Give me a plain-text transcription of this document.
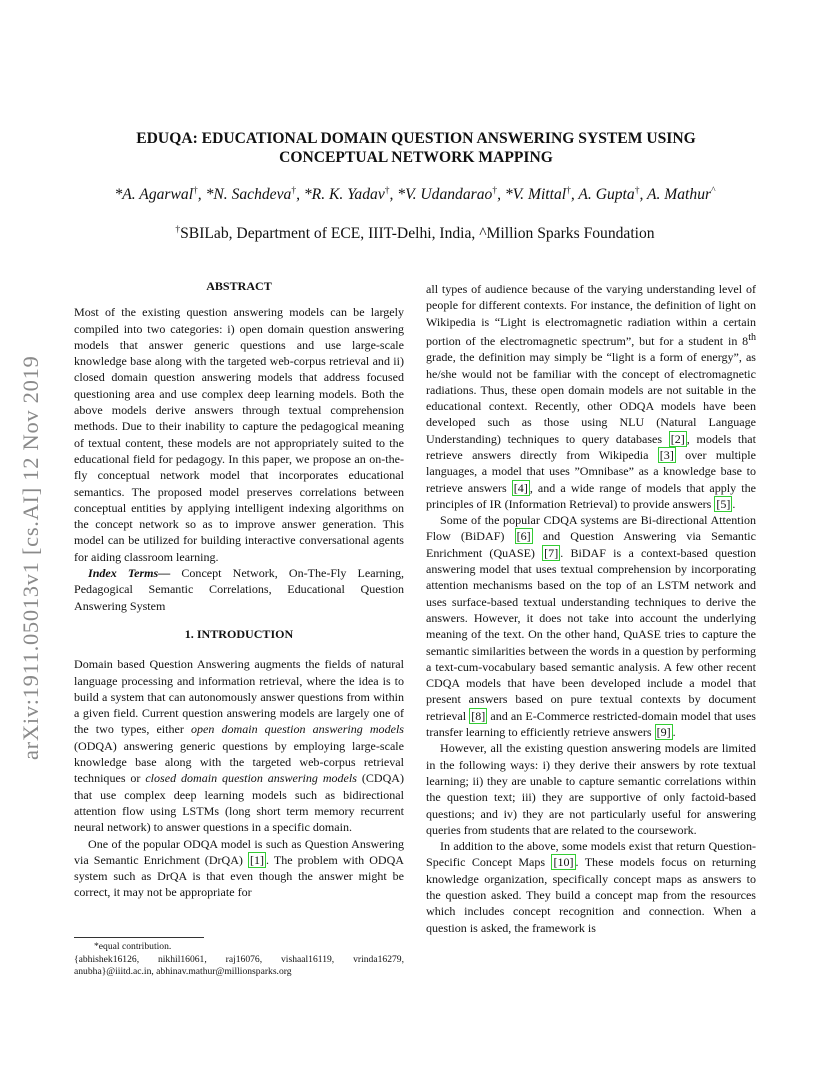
arXiv:1911.05013v1 [cs.AI] 12 Nov 2019
EDUQA: EDUCATIONAL DOMAIN QUESTION ANSWERING SYSTEM USING
CONCEPTUAL NETWORK MAPPING
*A. Agarwal†, *N. Sachdeva†, *R. K. Yadav†, *V. Udandarao†, *V. Mittal†, A. Gupta†, A. Mathur^
†SBILab, Department of ECE, IIIT-Delhi, India, ^Million Sparks Foundation
ABSTRACT

Most of the existing question answering models can be largely compiled into two categories: i) open domain question answering models that answer generic questions and use large-scale knowledge base along with the targeted web-corpus retrieval and ii) closed domain question answering models that address focused questioning area and use complex deep learning models. Both the above models derive answers through textual comprehension methods. Due to their inability to capture the pedagogical meaning of textual content, these models are not appropriately suited to the educational field for pedagogy. In this paper, we propose an on-the-fly conceptual network model that incorporates educational semantics. The proposed model preserves correlations between conceptual entities by applying intelligent indexing algorithms on the concept network so as to improve answer generation. This model can be utilized for building interactive conversational agents for aiding classroom learning.

Index Terms— Concept Network, On-The-Fly Learning, Pedagogical Semantic Correlations, Educational Question Answering System

1. INTRODUCTION

Domain based Question Answering augments the fields of natural language processing and information retrieval, where the idea is to build a system that can autonomously answer questions from within a given field. Current question answering models are largely one of the two types, either open domain question answering models (ODQA) answering generic questions by employing large-scale knowledge base along with the targeted web-corpus retrieval techniques or closed domain question answering models (CDQA) that use complex deep learning models such as bidirectional attention flow using LSTMs (long short term memory recurrent neural network) to answer questions in a specific domain.

One of the popular ODQA model is such as Question Answering via Semantic Enrichment (DrQA) [1] . The problem with ODQA system such as DrQA is that even though the answer might be correct, it may not be appropriate for

*equal contribution.
{abhishek16126, nikhil16061, raj16076, vishaal16119, vrinda16279, anubha}@iiitd.ac.in, abhinav.mathur@millionsparks.org

all types of audience because of the varying understanding level of people for different contexts. For instance, the definition of light on Wikipedia is “Light is electromagnetic radiation within a certain portion of the electromagnetic spectrum”, but for a student in 8th grade, the definition may simply be “light is a form of energy”, as he/she would not be familiar with the concept of electromagnetic radiations. Thus, these open domain models are not suitable in the educational context. Recently, other ODQA models have been developed such as those using NLU (Natural Language Understanding) techniques to query databases [2] , models that retrieve answers directly from Wikipedia [3] over multiple languages, a model that uses ”Omnibase” as a knowledge base to retrieve answers [4] , and a wide range of models that apply the principles of IR (Information Retrieval) to provide answers [5] .

Some of the popular CDQA systems are Bi-directional Attention Flow (BiDAF) [6] and Question Answering via Semantic Enrichment (QuASE) [7] . BiDAF is a context-based question answering model that uses textual comprehension by incorporating attention mechanisms based on the top of an LSTM network and uses surface-based textual understanding techniques to derive the answers. However, it does not take into account the underlying meaning of the text. On the other hand, QuASE tries to capture the semantic similarities between the words in a question by performing a text-cum-vocabulary based semantic analysis. A few other recent CDQA models that have been developed include a model that present answers based on pure textual contexts by document retrieval [8] and an E-Commerce restricted-domain model that uses transfer learning to efficiently retrieve answers [9] .

However, all the existing question answering models are limited in the following ways: i) they derive their answers by rote textual learning; ii) they are unable to capture semantic correlations within the question text; iii) they are supportive of only factoid-based questions; and iv) they are not particularly useful for answering queries from students that are related to the coursework.

In addition to the above, some models exist that return Question-Specific Concept Maps [10] . These models focus on returning knowledge organization, specifically concept maps as answers to the question asked. They build a concept map from the resources which includes concept recognition and connection. When a question is asked, the framework is
